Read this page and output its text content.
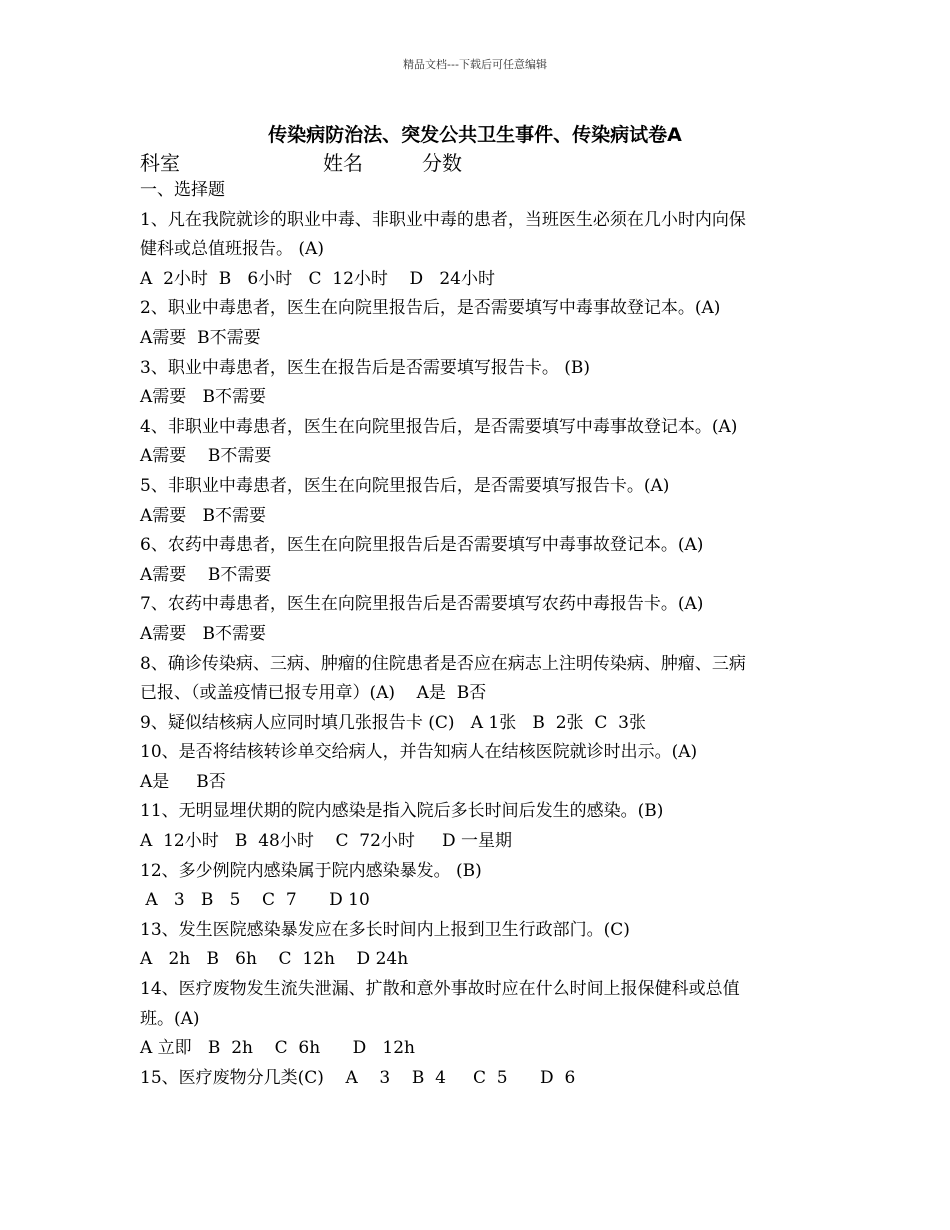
精品文档---下载后可任意编辑
传染病防治法、突发公共卫生事件、传染病试卷A
科室	姓名	分数
一、选择题
1、凡在我院就诊的职业中毒、非职业中毒的患者，当班医生必须在几小时内向保
健科或总值班报告。 (A)
A  2小时  B   6小时   C  12小时    D   24小时
2、职业中毒患者，医生在向院里报告后，是否需要填写中毒事故登记本。(A)
A需要  B不需要
3、职业中毒患者，医生在报告后是否需要填写报告卡。 (B)
A需要   B不需要
4、非职业中毒患者，医生在向院里报告后，是否需要填写中毒事故登记本。(A)
A需要    B不需要
5、非职业中毒患者，医生在向院里报告后，是否需要填写报告卡。(A)
A需要   B不需要
6、农药中毒患者，医生在向院里报告后是否需要填写中毒事故登记本。(A)
A需要    B不需要
7、农药中毒患者，医生在向院里报告后是否需要填写农药中毒报告卡。(A)
A需要   B不需要
8、确诊传染病、三病、肿瘤的住院患者是否应在病志上注明传染病、肿瘤、三病
已报、（或盖疫情已报专用章）(A)    A是  B否
9、疑似结核病人应同时填几张报告卡 (C)   A 1张   B  2张  C  3张
10、是否将结核转诊单交给病人，并告知病人在结核医院就诊时出示。(A)
A是     B否
11、无明显埋伏期的院内感染是指入院后多长时间后发生的感染。(B)
A  12小时   B  48小时    C  72小时     D 一星期
12、多少例院内感染属于院内感染暴发。 (B)
A   3   B   5    C  7      D 10
13、发生医院感染暴发应在多长时间内上报到卫生行政部门。(C)
A   2h   B   6h    C  12h    D 24h
14、医疗废物发生流失泄漏、扩散和意外事故时应在什么时间上报保健科或总值
班。(A)
A 立即   B  2h    C  6h      D   12h
15、医疗废物分几类(C)    A    3    B  4     C  5      D  6
